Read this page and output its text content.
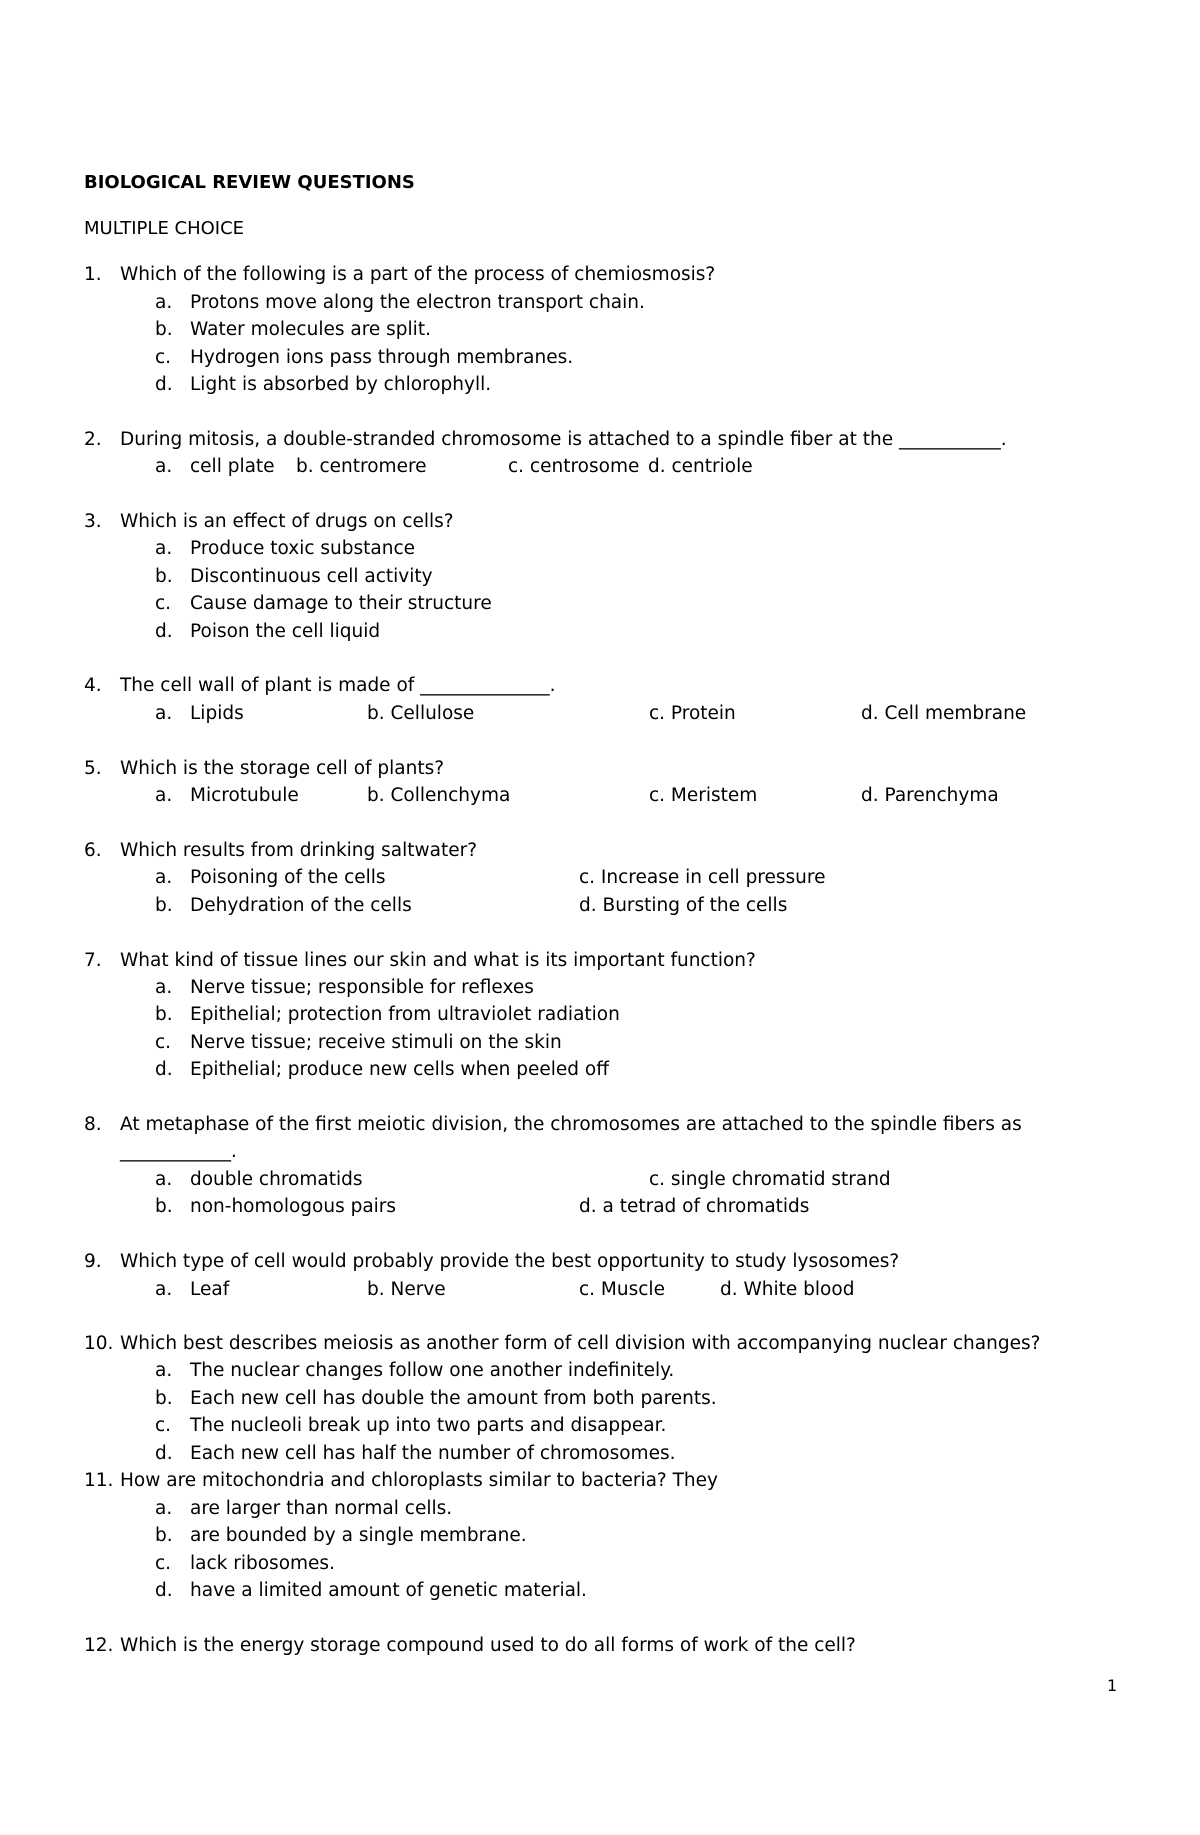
BIOLOGICAL REVIEW QUESTIONS
MULTIPLE CHOICE
1. Which of the following is a part of the process of chemiosmosis?
a. Protons move along the electron transport chain.
b. Water molecules are split.
c. Hydrogen ions pass through membranes.
d. Light is absorbed by chlorophyll.
2. During mitosis, a double-stranded chromosome is attached to a spindle fiber at the ___________.
a. cell plate b. centromere	c. centrosome d. centriole
3. Which is an effect of drugs on cells?
a. Produce toxic substance
b. Discontinuous cell activity
c. Cause damage to their structure
d. Poison the cell liquid
4. The cell wall of plant is made of ______________.
a. Lipids	b. Cellulose	c. Protein	d. Cell membrane
5. Which is the storage cell of plants?
a. Microtubule	b. Collenchyma	c. Meristem	d. Parenchyma
6. Which results from drinking saltwater?
a. Poisoning of the cells	c. Increase in cell pressure
b. Dehydration of the cells	d. Bursting of the cells
7. What kind of tissue lines our skin and what is its important function?
a. Nerve tissue; responsible for reflexes
b. Epithelial; protection from ultraviolet radiation
c. Nerve tissue; receive stimuli on the skin
d. Epithelial; produce new cells when peeled off
8. At metaphase of the first meiotic division, the chromosomes are attached to the spindle fibers as
____________.
a. double chromatids	c. single chromatid strand
b. non-homologous pairs	d. a tetrad of chromatids
9. Which type of cell would probably provide the best opportunity to study lysosomes?
a. Leaf	b. Nerve	c. Muscle	d. White blood
10. Which best describes meiosis as another form of cell division with accompanying nuclear changes?
a. The nuclear changes follow one another indefinitely.
b. Each new cell has double the amount from both parents.
c. The nucleoli break up into two parts and disappear.
d. Each new cell has half the number of chromosomes.
11. How are mitochondria and chloroplasts similar to bacteria? They
a. are larger than normal cells.
b. are bounded by a single membrane.
c. lack ribosomes.
d. have a limited amount of genetic material.
12. Which is the energy storage compound used to do all forms of work of the cell?
1
